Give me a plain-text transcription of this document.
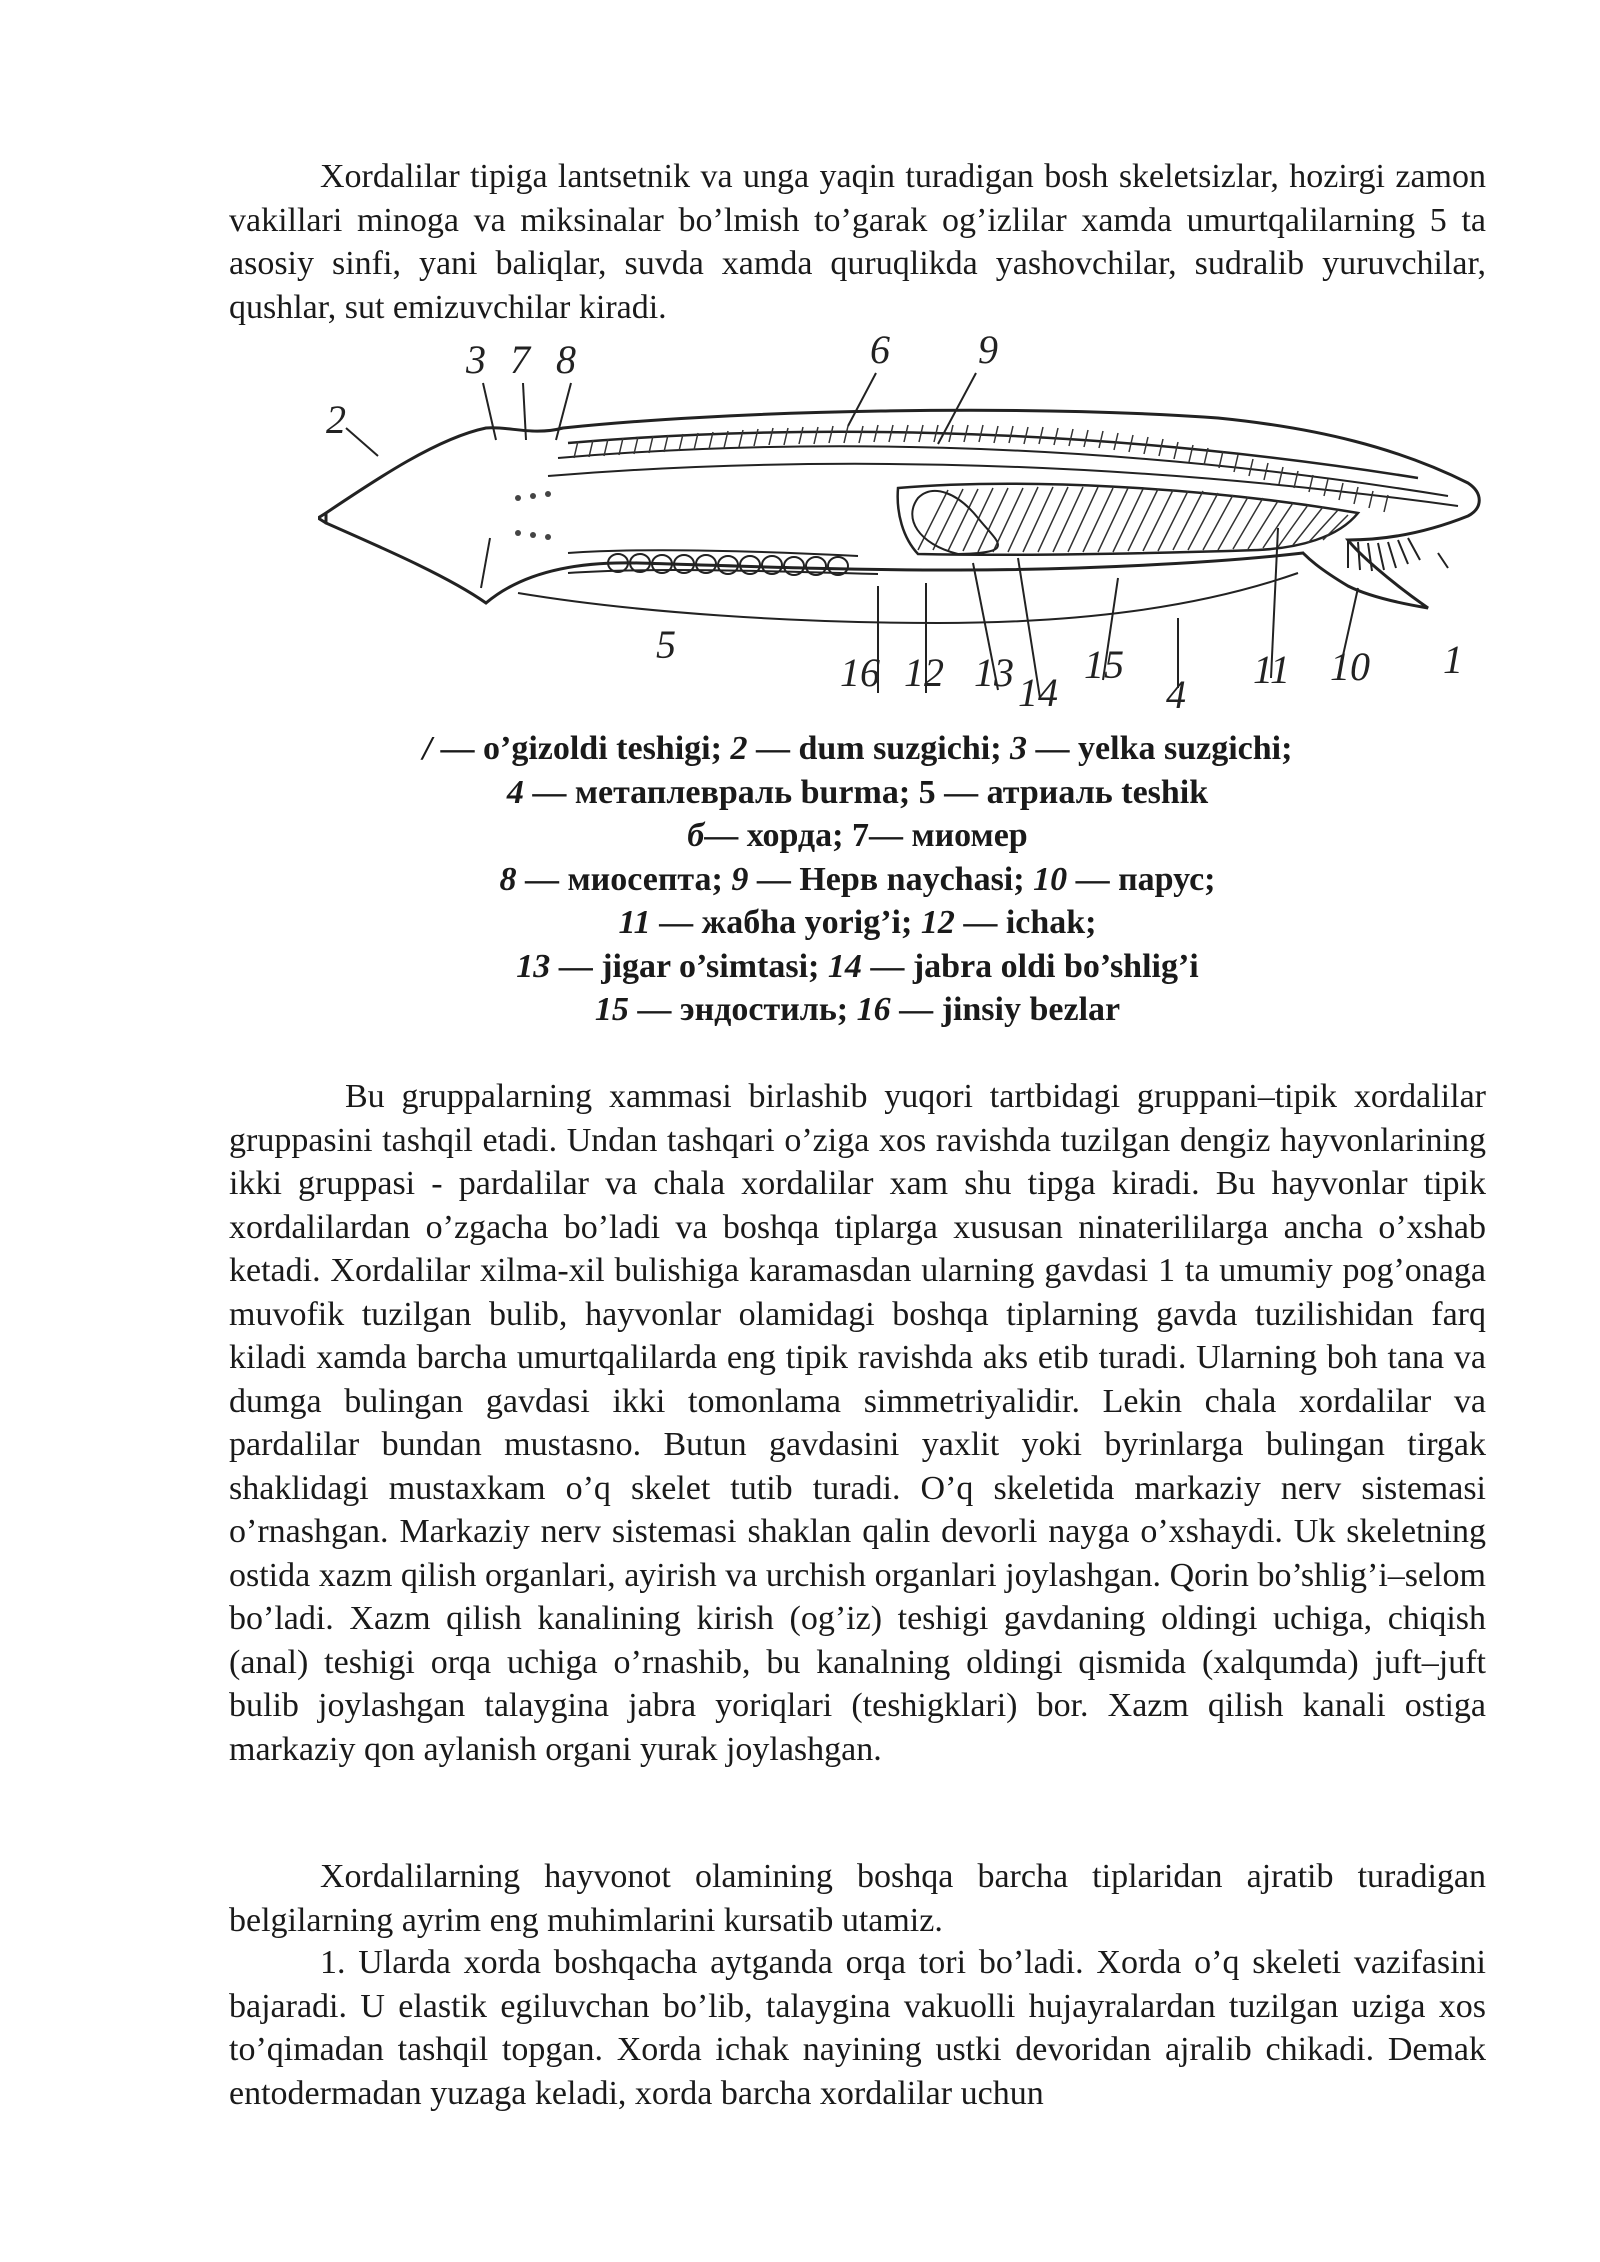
Xordalilar tipiga lantsetnik va unga yaqin turadigan bosh skeletsizlar, hozirgi zamon vakillari minoga va miksinalar bo’lmish to’garak og’izlilar xamda umurtqalilarning 5 ta asosiy sinfi, yani baliqlar, suvda xamda quruqlikda yashovchilar, sudralib yuruvchilar, qushlar, sut emizuvchilar kiradi.

2
3 7 8	6 9
5
16 12 13 14
15
4
11 10 1
/ — o’gizoldi teshigi; 2 — dum suzgichi; 3 — yelka suzgichi;
4 — метаплевраль burma; 5 — атриаль teshik
б— хорда; 7— миомер
8 — миосепта; 9 — Нерв naychasi; 10 — парус;
11 — жабhа yorig’i; 12 — ichak;
13 — jigar o’simtasi; 14 — jabra oldi bo’shlig’i
15 — эндостиль; 16 — jinsiy bezlar

Bu gruppalarning xammasi birlashib yuqori tartbidagi gruppani–tipik xordalilar gruppasini tashqil etadi. Undan tashqari o’ziga xos ravishda tuzilgan dengiz hayvonlarining ikki gruppasi - pardalilar va chala xordalilar xam shu tipga kiradi. Bu hayvonlar tipik xordalilardan o’zgacha bo’ladi va boshqa tiplarga xususan ninaterililarga ancha o’xshab ketadi. Xordalilar xilma-xil bulishiga karamasdan ularning gavdasi 1 ta umumiy pog’onaga muvofik tuzilgan bulib, hayvonlar olamidagi boshqa tiplarning gavda tuzilishidan farq kiladi xamda barcha umurtqalilarda eng tipik ravishda aks etib turadi. Ularning boh tana va dumga bulingan gavdasi ikki tomonlama simmetriyalidir. Lekin chala xordalilar va pardalilar bundan mustasno. Butun gavdasini yaxlit yoki byrinlarga bulingan tirgak shaklidagi mustaxkam o’q skelet tutib turadi. O’q skeletida markaziy nerv sistemasi o’rnashgan. Markaziy nerv sistemasi shaklan qalin devorli nayga o’xshaydi. Uk skeletning ostida xazm qilish organlari, ayirish va urchish organlari joylashgan. Qorin bo’shlig’i–selom bo’ladi. Xazm qilish kanalining kirish (og’iz) teshigi gavdaning oldingi uchiga, chiqish (anal) teshigi orqa uchiga o’rnashib, bu kanalning oldingi qismida (xalqumda) juft–juft bulib joylashgan talaygina jabra yoriqlari (teshigklari) bor. Xazm qilish kanali ostiga markaziy qon aylanish organi yurak joylashgan.

Xordalilarning hayvonot olamining boshqa barcha tiplaridan ajratib turadigan belgilarning ayrim eng muhimlarini kursatib utamiz.

1. Ularda xorda boshqacha aytganda orqa tori bo’ladi. Xorda o’q skeleti vazifasini bajaradi. U elastik egiluvchan bo’lib, talaygina vakuolli hujayralardan tuzilgan uziga xos to’qimadan tashqil topgan. Xorda ichak nayining ustki devoridan ajralib chikadi. Demak entodermadan yuzaga keladi, xorda barcha xordalilar uchun
